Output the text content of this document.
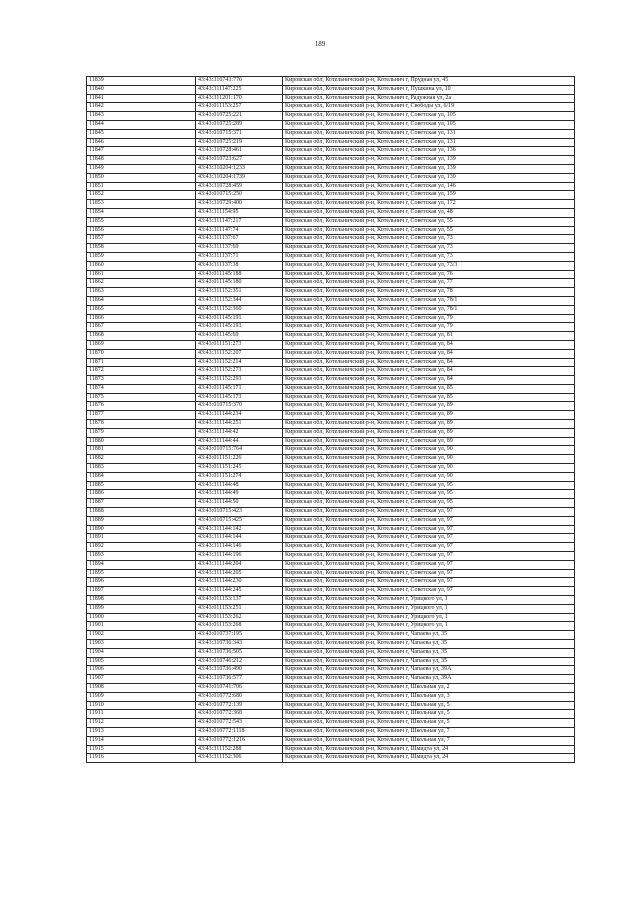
189
11839	43:43:310743:776	Кировская обл, Котельничский р-н, Котельнич г, Прудная ул, 45
11840	43:43:311147:225	Кировская обл, Котельничский р-н, Котельнич г, Пушкина ул, 10
11841	43:43:311201:170	Кировская обл, Котельничский р-н, Котельнич г, Радужная ул, 2а
11842	43:43:011153:257	Кировская обл, Котельничский р-н, Котельнич г, Свободы ул, 6/19
11843	43:43:010725:221	Кировская обл, Котельничский р-н, Котельнич г, Советская ул, 105
11844	43:43:010725:289	Кировская обл, Котельничский р-н, Котельнич г, Советская ул, 105
11845	43:43:010715:371	Кировская обл, Котельничский р-н, Котельнич г, Советская ул, 131
11846	43:43:010725:219	Кировская обл, Котельничский р-н, Котельнич г, Советская ул, 131
11847	43:43:310728:461	Кировская обл, Котельничский р-н, Котельнич г, Советская ул, 136
11848	43:43:010723:627	Кировская обл, Котельничский р-н, Котельнич г, Советская ул, 139
11849	43:43:310204:1233	Кировская обл, Котельничский р-н, Котельнич г, Советская ул, 139
11850	43:43:310204:1739	Кировская обл, Котельничский р-н, Котельнич г, Советская ул, 139
11851	43:43:310728:459	Кировская обл, Котельничский р-н, Котельнич г, Советская ул, 146
11852	43:43:010715:250	Кировская обл, Котельничский р-н, Котельнич г, Советская ул, 159
11853	43:43:310729:400	Кировская обл, Котельничский р-н, Котельнич г, Советская ул, 172
11854	43:43:311154:95	Кировская обл, Котельничский р-н, Котельнич г, Советская ул, 48
11855	43:43:311147:217	Кировская обл, Котельничский р-н, Котельнич г, Советская ул, 55
11856	43:43:311147:74	Кировская обл, Котельничский р-н, Котельнич г, Советская ул, 55
11857	43:43:311137:67	Кировская обл, Котельничский р-н, Котельнич г, Советская ул, 73
11858	43:43:311137:69	Кировская обл, Котельничский р-н, Котельнич г, Советская ул, 73
11859	43:43:311137:71	Кировская обл, Котельничский р-н, Котельнич г, Советская ул, 73
11860	43:43:311137:38	Кировская обл, Котельничский р-н, Котельнич г, Советская ул, 73/3
11861	43:43:011145:188	Кировская обл, Котельничский р-н, Котельнич г, Советская ул, 76
11862	43:43:011145:180	Кировская обл, Котельничский р-н, Котельнич г, Советская ул, 77
11863	43:43:311152:351	Кировская обл, Котельничский р-н, Котельнич г, Советская ул, 78
11864	43:43:311152:344	Кировская обл, Котельничский р-н, Котельнич г, Советская ул, 78/1
11865	43:43:311152:360	Кировская обл, Котельничский р-н, Котельнич г, Советская ул, 78/1
11866	43:43:011145:191	Кировская обл, Котельничский р-н, Котельнич г, Советская ул, 79
11867	43:43:011145:193	Кировская обл, Котельничский р-н, Котельнич г, Советская ул, 79
11868	43:43:011145:69	Кировская обл, Котельничский р-н, Котельнич г, Советская ул, 81
11869	43:43:011151:273	Кировская обл, Котельничский р-н, Котельнич г, Советская ул, 84
11870	43:43:311152:207	Кировская обл, Котельничский р-н, Котельнич г, Советская ул, 84
11871	43:43:311152:214	Кировская обл, Котельничский р-н, Котельнич г, Советская ул, 84
11872	43:43:311152:273	Кировская обл, Котельничский р-н, Котельнич г, Советская ул, 84
11873	43:43:311152:293	Кировская обл, Котельничский р-н, Котельнич г, Советская ул, 84
11874	43:43:011145:171	Кировская обл, Котельничский р-н, Котельнич г, Советская ул, 85
11875	43:43:011145:173	Кировская обл, Котельничский р-н, Котельнич г, Советская ул, 85
11876	43:43:010715:370	Кировская обл, Котельничский р-н, Котельнич г, Советская ул, 89
11877	43:43:311144:234	Кировская обл, Котельничский р-н, Котельнич г, Советская ул, 89
11878	43:43:311144:251	Кировская обл, Котельничский р-н, Котельнич г, Советская ул, 89
11879	43:43:311144:42	Кировская обл, Котельничский р-н, Котельнич г, Советская ул, 89
11880	43:43:311144:44	Кировская обл, Котельничский р-н, Котельнич г, Советская ул, 89
11881	43:43:010715:764	Кировская обл, Котельничский р-н, Котельнич г, Советская ул, 90
11882	43:43:011151:226	Кировская обл, Котельничский р-н, Котельнич г, Советская ул, 90
11883	43:43:011151:245	Кировская обл, Котельничский р-н, Котельнич г, Советская ул, 90
11884	43:43:011151:274	Кировская обл, Котельничский р-н, Котельнич г, Советская ул, 90
11885	43:43:311144:48	Кировская обл, Котельничский р-н, Котельнич г, Советская ул, 95
11886	43:43:311144:49	Кировская обл, Котельничский р-н, Котельнич г, Советская ул, 95
11887	43:43:311144:50	Кировская обл, Котельничский р-н, Котельнич г, Советская ул, 95
11888	43:43:010715:423	Кировская обл, Котельничский р-н, Котельнич г, Советская ул, 97
11889	43:43:010715:425	Кировская обл, Котельничский р-н, Котельнич г, Советская ул, 97
11890	43:43:311144:142	Кировская обл, Котельничский р-н, Котельнич г, Советская ул, 97
11891	43:43:311144:144	Кировская обл, Котельничский р-н, Котельнич г, Советская ул, 97
11892	43:43:311144:146	Кировская обл, Котельничский р-н, Котельнич г, Советская ул, 97
11893	43:43:311144:196	Кировская обл, Котельничский р-н, Котельнич г, Советская ул, 97
11894	43:43:311144:204	Кировская обл, Котельничский р-н, Котельнич г, Советская ул, 97
11895	43:43:311144:205	Кировская обл, Котельничский р-н, Котельнич г, Советская ул, 97
11896	43:43:311144:230	Кировская обл, Котельничский р-н, Котельнич г, Советская ул, 97
11897	43:43:311144:245	Кировская обл, Котельничский р-н, Котельнич г, Советская ул, 97
11898	43:43:011153:137	Кировская обл, Котельничский р-н, Котельнич г, Урицкого ул, 1
11899	43:43:011153:251	Кировская обл, Котельничский р-н, Котельнич г, Урицкого ул, 1
11900	43:43:011153:262	Кировская обл, Котельничский р-н, Котельнич г, Урицкого ул, 1
11901	43:43:011153:268	Кировская обл, Котельничский р-н, Котельнич г, Урицкого ул, 1
11902	43:43:010737:195	Кировская обл, Котельничский р-н, Котельнич г, Чапаева ул, 35
11903	43:43:310736:343	Кировская обл, Котельничский р-н, Котельнич г, Чапаева ул, 35
11904	43:43:310736:505	Кировская обл, Котельничский р-н, Котельнич г, Чапаева ул, 35
11905	43:43:010746:212	Кировская обл, Котельничский р-н, Котельнич г, Чапаева ул, 35
11906	43:43:310736:490	Кировская обл, Котельничский р-н, Котельнич г, Чапаева ул, 39А
11907	43:43:310736:577	Кировская обл, Котельничский р-н, Котельнич г, Чапаева ул, 39А
11908	43:43:010741:706	Кировская обл, Котельничский р-н, Котельнич г, Школьная ул, 2
11909	43:43:010772:680	Кировская обл, Котельничский р-н, Котельнич г, Школьная ул, 3
11910	43:43:010772:139	Кировская обл, Котельничский р-н, Котельнич г, Школьная ул, 5
11911	43:43:010772:368	Кировская обл, Котельничский р-н, Котельнич г, Школьная ул, 5
11912	43:43:010772:543	Кировская обл, Котельничский р-н, Котельнич г, Школьная ул, 5
11913	43:43:010772:1118	Кировская обл, Котельничский р-н, Котельнич г, Школьная ул, 7
11914	43:43:010772:1216	Кировская обл, Котельничский р-н, Котельнич г, Школьная ул, 7
11915	43:43:311152:288	Кировская обл, Котельничский р-н, Котельнич г, Шмидта ул, 24
11916	43:43:311152:306	Кировская обл, Котельничский р-н, Котельнич г, Шмидта ул, 24
